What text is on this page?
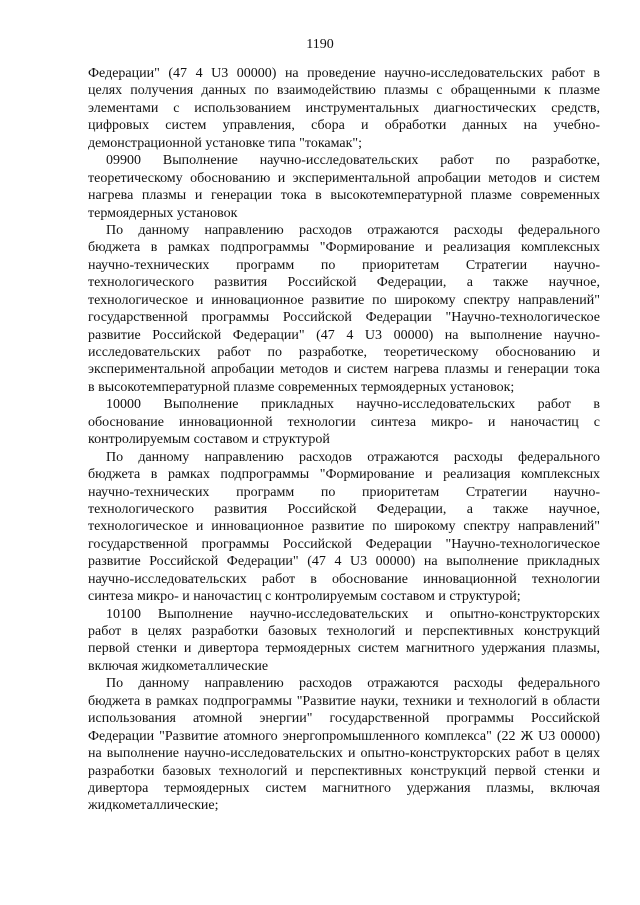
1190
Федерации" (47 4 U3 00000) на проведение научно-исследовательских работ в
целях получения данных по взаимодействию плазмы с обращенными к плазме
элементами с использованием инструментальных диагностических средств,
цифровых систем управления, сбора и обработки данных на учебно-
демонстрационной установке типа "токамак";
09900 Выполнение научно-исследовательских работ по разработке,
теоретическому обоснованию и экспериментальной апробации методов и систем
нагрева плазмы и генерации тока в высокотемпературной плазме современных
термоядерных установок
По данному направлению расходов отражаются расходы федерального
бюджета в рамках подпрограммы "Формирование и реализация комплексных
научно-технических программ по приоритетам Стратегии научно-
технологического развития Российской Федерации, а также научное,
технологическое и инновационное развитие по широкому спектру направлений"
государственной программы Российской Федерации "Научно-технологическое
развитие Российской Федерации" (47 4 U3 00000) на выполнение научно-
исследовательских работ по разработке, теоретическому обоснованию и
экспериментальной апробации методов и систем нагрева плазмы и генерации тока
в высокотемпературной плазме современных термоядерных установок;
10000 Выполнение прикладных научно-исследовательских работ в
обоснование инновационной технологии синтеза микро- и наночастиц с
контролируемым составом и структурой
По данному направлению расходов отражаются расходы федерального
бюджета в рамках подпрограммы "Формирование и реализация комплексных
научно-технических программ по приоритетам Стратегии научно-
технологического развития Российской Федерации, а также научное,
технологическое и инновационное развитие по широкому спектру направлений"
государственной программы Российской Федерации "Научно-технологическое
развитие Российской Федерации" (47 4 U3 00000) на выполнение прикладных
научно-исследовательских работ в обоснование инновационной технологии
синтеза микро- и наночастиц с контролируемым составом и структурой;
10100 Выполнение научно-исследовательских и опытно-конструкторских
работ в целях разработки базовых технологий и перспективных конструкций
первой стенки и дивертора термоядерных систем магнитного удержания плазмы,
включая жидкометаллические
По данному направлению расходов отражаются расходы федерального
бюджета в рамках подпрограммы "Развитие науки, техники и технологий в области
использования атомной энергии" государственной программы Российской
Федерации "Развитие атомного энергопромышленного комплекса" (22 Ж U3 00000)
на выполнение научно-исследовательских и опытно-конструкторских работ в целях
разработки базовых технологий и перспективных конструкций первой стенки и
дивертора термоядерных систем магнитного удержания плазмы, включая
жидкометаллические;
